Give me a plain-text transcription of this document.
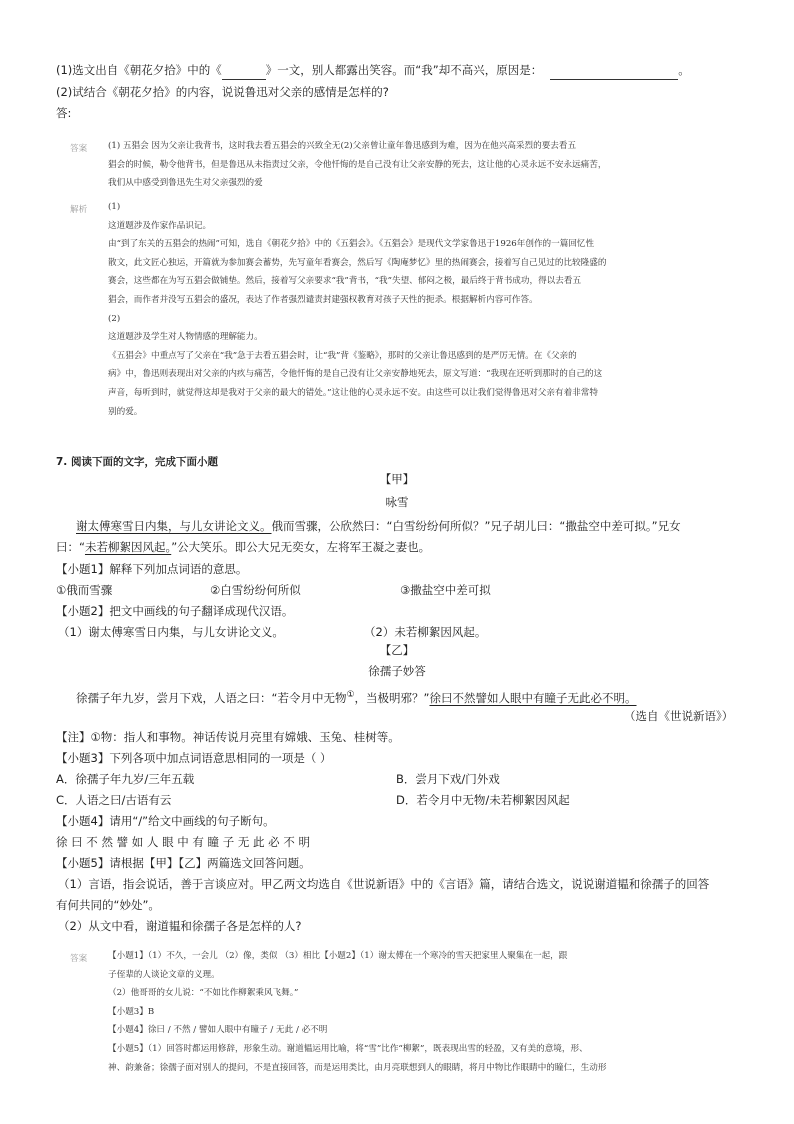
(1)选文出自《朝花夕拾》中的《	》一文，别人都露出笑容。而“我”却不高兴，原因是：	。
(2)试结合《朝花夕拾》的内容，说说鲁迅对父亲的感情是怎样的?
答:
答案 (1) 五猖会 因为父亲让我背书，这时我去看五猖会的兴致全无(2)父亲曾让童年鲁迅感到为难，因为在他兴高采烈的要去看五
猖会的时候，勒令他背书，但是鲁迅从未指责过父亲，令他忏悔的是自己没有让父亲安静的死去，这让他的心灵永远不安永远痛苦，
我们从中感受到鲁迅先生对父亲强烈的爱
解析 (1)
这道题涉及作家作品识记。
由“到了东关的五猖会的热闹”可知，选自《朝花夕拾》中的《五猖会》。《五猖会》是现代文学家鲁迅于1926年创作的一篇回忆性
散文，此文匠心独运，开篇就为参加赛会蓄势，先写童年看赛会，然后写《陶庵梦忆》里的热闹赛会，接着写自己见过的比较隆盛的
赛会，这些都在为写五猖会做铺垫。然后，接着写父亲要求“我”背书，“我”失望、郁闷之极，最后终于背书成功，得以去看五
猖会，而作者并没写五猖会的盛况，表达了作者强烈谴责封建强权教育对孩子天性的扼杀。根据解析内容可作答。
(2)
这道题涉及学生对人物情感的理解能力。
《五猖会》中重点写了父亲在“我”急于去看五猖会时，让“我”背《鉴略》，那时的父亲让鲁迅感到的是严厉无情。在《父亲的
病》中，鲁迅则表现出对父亲的内疚与痛苦，令他忏悔的是自己没有让父亲安静地死去，原文写道：“我现在还听到那时的自己的这
声音，每听到时，就觉得这却是我对于父亲的最大的错处。”这让他的心灵永远不安。由这些可以让我们觉得鲁迅对父亲有着非常特
别的爱。
7. 阅读下面的文字，完成下面小题
【甲】
咏雪
谢太傅寒雪日内集，与儿女讲论文义。俄而雪骤，公欣然曰：“白雪纷纷何所似？”兄子胡儿曰：“撒盐空中差可拟。”兄女
曰：“未若柳絮因风起。”公大笑乐。即公大兄无奕女，左将军王凝之妻也。
【小题1】解释下列加点词语的意思。
①俄而雪骤	②白雪纷纷何所似	③撒盐空中差可拟
【小题2】把文中画线的句子翻译成现代汉语。
（1）谢太傅寒雪日内集，与儿女讲论文义。	（2）未若柳絮因风起。
【乙】
徐孺子妙答
徐孺子年九岁，尝月下戏，人语之曰：“若令月中无物①，当极明邪？”徐曰不然譬如人眼中有瞳子无此必不明。
（选自《世说新语》）
【注】①物：指人和事物。神话传说月亮里有嫦娥、玉兔、桂树等。
【小题3】下列各项中加点词语意思相同的一项是（ ）
A．徐孺子年九岁/三年五载	B．尝月下戏/门外戏
C．人语之曰/古语有云	D．若令月中无物/未若柳絮因风起
【小题4】请用“/”给文中画线的句子断句。
徐 曰 不 然 譬 如 人 眼 中 有 瞳 子 无 此 必 不 明
【小题5】请根据【甲】【乙】两篇选文回答问题。
（1）言语，指会说话，善于言谈应对。甲乙两文均选自《世说新语》中的《言语》篇，请结合选文，说说谢道韫和徐孺子的回答
有何共同的“妙处”。
（2）从文中看，谢道韫和徐孺子各是怎样的人?
答案 【小题1】（1）不久，一会儿 （2）像，类似 （3）相比【小题2】（1）谢太傅在一个寒冷的雪天把家里人聚集在一起，跟
子侄辈的人谈论文章的义理。
（2）他哥哥的女儿说：“不如比作柳絮乘风飞舞。”
【小题3】B
【小题4】徐曰 / 不然 / 譬如人眼中有瞳子 / 无此 / 必不明
【小题5】（1）回答时都运用修辞，形象生动。谢道韫运用比喻，将“雪”比作“柳絮”，既表现出雪的轻盈，又有美的意境，形、
神、韵兼备；徐孺子面对别人的提问，不是直接回答，而是运用类比，由月亮联想到人的眼睛，将月中物比作眼睛中的瞳仁，生动形
